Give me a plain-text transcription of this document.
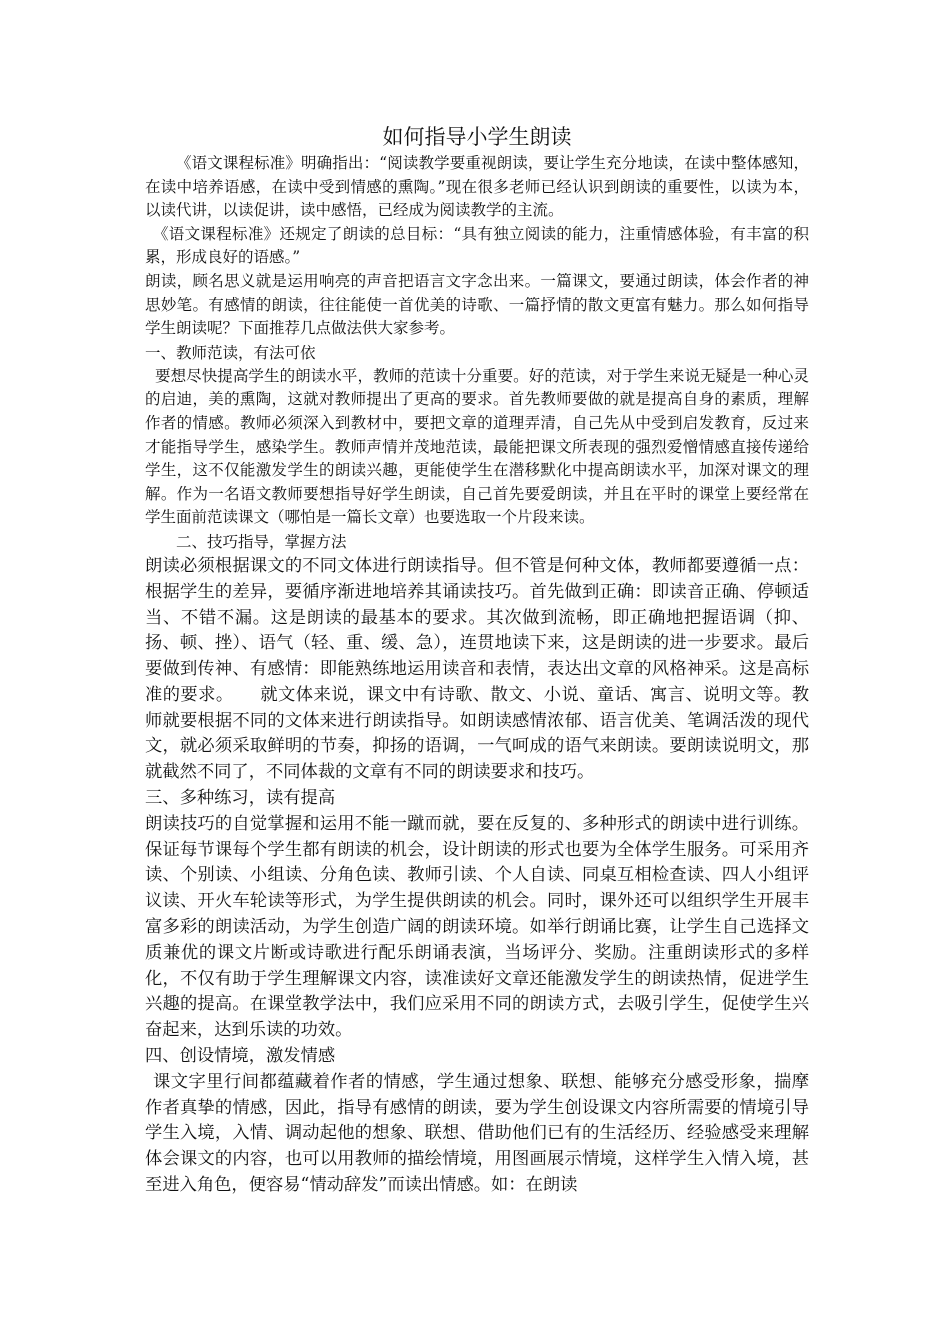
如何指导小学生朗读

《语文课程标准》明确指出：“阅读教学要重视朗读，要让学生充分地读，在读中整体感知，在读中培养语感，在读中受到情感的熏陶。”现在很多老师已经认识到朗读的重要性，以读为本，以读代讲，以读促讲，读中感悟，已经成为阅读教学的主流。

《语文课程标准》还规定了朗读的总目标：“具有独立阅读的能力，注重情感体验，有丰富的积累，形成良好的语感。”

朗读，顾名思义就是运用响亮的声音把语言文字念出来。一篇课文，要通过朗读，体会作者的神思妙笔。有感情的朗读，往往能使一首优美的诗歌、一篇抒情的散文更富有魅力。那么如何指导学生朗读呢？下面推荐几点做法供大家参考。

一、教师范读，有法可依

要想尽快提高学生的朗读水平，教师的范读十分重要。好的范读，对于学生来说无疑是一种心灵的启迪，美的熏陶，这就对教师提出了更高的要求。首先教师要做的就是提高自身的素质，理解作者的情感。教师必须深入到教材中，要把文章的道理弄清，自己先从中受到启发教育，反过来才能指导学生，感染学生。教师声情并茂地范读，最能把课文所表现的强烈爱憎情感直接传递给学生，这不仅能激发学生的朗读兴趣，更能使学生在潜移默化中提高朗读水平，加深对课文的理解。作为一名语文教师要想指导好学生朗读，自己首先要爱朗读，并且在平时的课堂上要经常在学生面前范读课文（哪怕是一篇长文章）也要选取一个片段来读。

二、技巧指导，掌握方法

朗读必须根据课文的不同文体进行朗读指导。但不管是何种文体，教师都要遵循一点：根据学生的差异，要循序渐进地培养其诵读技巧。首先做到正确：即读音正确、停顿适当、不错不漏。这是朗读的最基本的要求。其次做到流畅，即正确地把握语调（抑、扬、顿、挫）、语气（轻、重、缓、急），连贯地读下来，这是朗读的进一步要求。最后要做到传神、有感情：即能熟练地运用读音和表情，表达出文章的风格神采。这是高标准的要求。　　就文体来说，课文中有诗歌、散文、小说、童话、寓言、说明文等。教师就要根据不同的文体来进行朗读指导。如朗读感情浓郁、语言优美、笔调活泼的现代文，就必须采取鲜明的节奏，抑扬的语调，一气呵成的语气来朗读。要朗读说明文，那就截然不同了，不同体裁的文章有不同的朗读要求和技巧。

三、多种练习，读有提高

朗读技巧的自觉掌握和运用不能一蹴而就，要在反复的、多种形式的朗读中进行训练。保证每节课每个学生都有朗读的机会，设计朗读的形式也要为全体学生服务。可采用齐读、个别读、小组读、分角色读、教师引读、个人自读、同桌互相检查读、四人小组评议读、开火车轮读等形式，为学生提供朗读的机会。同时，课外还可以组织学生开展丰富多彩的朗读活动，为学生创造广阔的朗读环境。如举行朗诵比赛，让学生自己选择文质兼优的课文片断或诗歌进行配乐朗诵表演，当场评分、奖励。注重朗读形式的多样化，不仅有助于学生理解课文内容，读准读好文章还能激发学生的朗读热情，促进学生兴趣的提高。在课堂教学法中，我们应采用不同的朗读方式，去吸引学生，促使学生兴奋起来，达到乐读的功效。

四、创设情境，激发情感

课文字里行间都蕴藏着作者的情感，学生通过想象、联想、能够充分感受形象，揣摩作者真挚的情感，因此，指导有感情的朗读，要为学生创设课文内容所需要的情境引导学生入境，入情、调动起他的想象、联想、借助他们已有的生活经历、经验感受来理解体会课文的内容，也可以用教师的描绘情境，用图画展示情境，这样学生入情入境，甚至进入角色，便容易“情动辞发”而读出情感。如：在朗读
